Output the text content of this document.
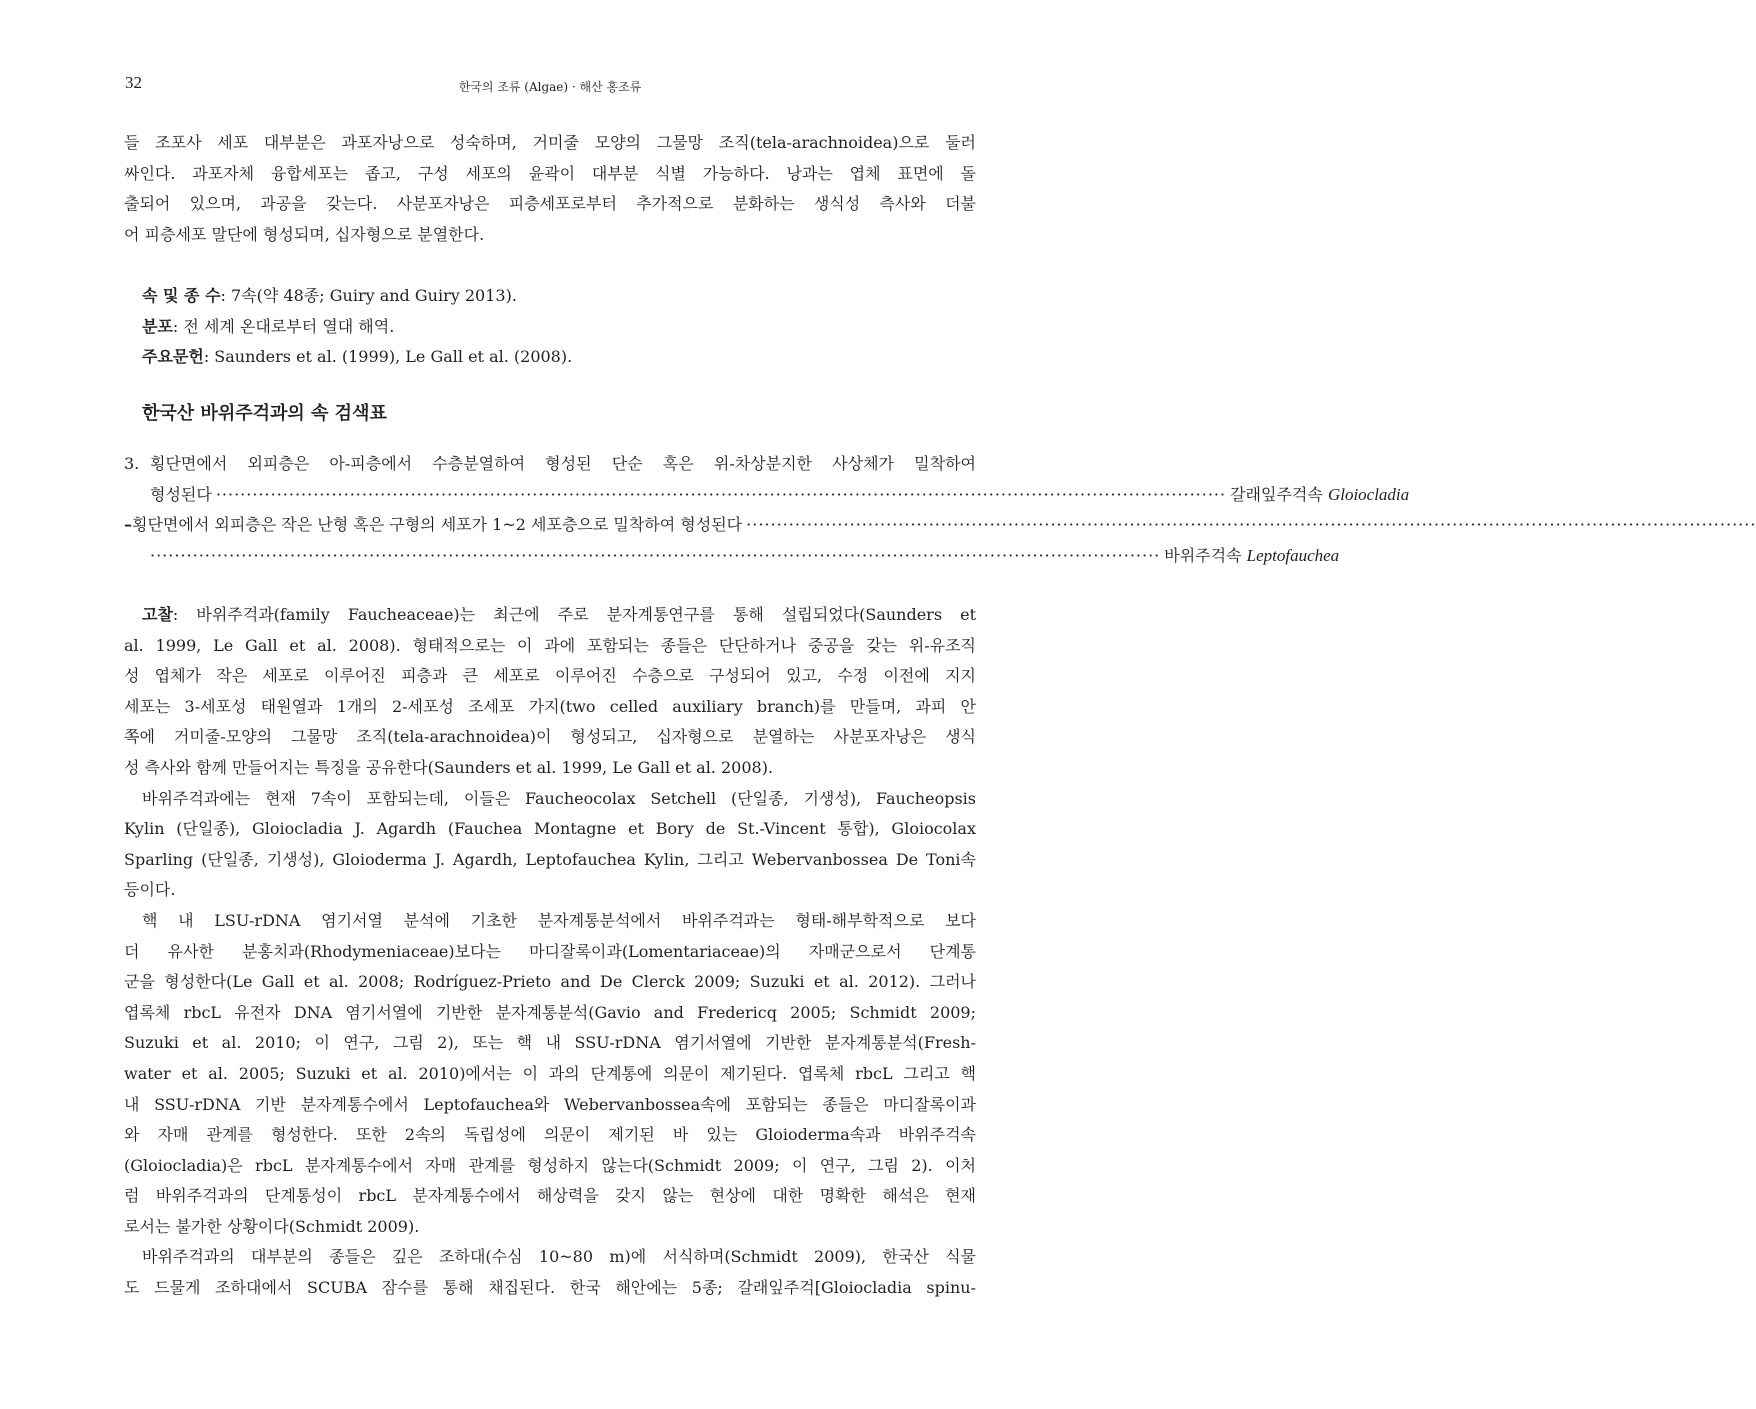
32	한국의 조류 (Algae) · 해산 홍조류
들 조포사 세포 대부분은 과포자낭으로 성숙하며, 거미줄 모양의 그물망 조직(tela-arachnoidea)으로 둘러
싸인다. 과포자체 융합세포는 좁고, 구성 세포의 윤곽이 대부분 식별 가능하다. 낭과는 엽체 표면에 돌
출되어 있으며, 과공을 갖는다. 사분포자낭은 피층세포로부터 추가적으로 분화하는 생식성 측사와 더불
어 피층세포 말단에 형성되며, 십자형으로 분열한다.
속 및 종 수: 7속(약 48종; Guiry and Guiry 2013).
분포: 전 세계 온대로부터 열대 해역.
주요문헌: Saunders et al. (1999), Le Gall et al. (2008).
한국산 바위주걱과의 속 검색표
3. 횡단면에서 외피층은 아-피층에서 수층분열하여 형성된 단순 혹은 위-차상분지한 사상체가 밀착하여
형성된다 ······································································································································································ 갈래잎주걱속
Gloiocladia
– 횡단면에서 외피층은 작은 난형 혹은 구형의 세포가 1~2 세포층으로 밀착하여 형성된다 ······································································································································································
······································································································································································ 바위주걱속
Leptofauchea
고찰: 바위주걱과(family Faucheaceae)는 최근에 주로 분자계통연구를 통해 설립되었다(Saunders et
al. 1999, Le Gall et al. 2008). 형태적으로는 이 과에 포함되는 종들은 단단하거나 중공을 갖는 위-유조직
성 엽체가 작은 세포로 이루어진 피층과 큰 세포로 이루어진 수층으로 구성되어 있고, 수정 이전에 지지
세포는 3-세포성 태원열과 1개의 2-세포성 조세포 가지(two celled auxiliary branch)를 만들며, 과피 안
쪽에 거미줄-모양의 그물망 조직(tela-arachnoidea)이 형성되고, 십자형으로 분열하는 사분포자낭은 생식
성 측사와 함께 만들어지는 특징을 공유한다(Saunders et al. 1999, Le Gall et al. 2008).
바위주걱과에는 현재 7속이 포함되는데, 이들은 Faucheocolax Setchell (단일종, 기생성), Faucheopsis
Kylin (단일종), Gloiocladia J. Agardh (Fauchea Montagne et Bory de St.-Vincent 통합), Gloiocolax
Sparling (단일종, 기생성), Gloioderma J. Agardh, Leptofauchea Kylin, 그리고 Webervanbossea De Toni속
등이다.
핵 내 LSU-rDNA 염기서열 분석에 기초한 분자계통분석에서 바위주걱과는 형태-해부학적으로 보다
더 유사한 분홍치과(Rhodymeniaceae)보다는 마디잘록이과(Lomentariaceae)의 자매군으로서 단계통
군을 형성한다(Le Gall et al. 2008; Rodríguez-Prieto and De Clerck 2009; Suzuki et al. 2012). 그러나
엽록체 rbcL 유전자 DNA 염기서열에 기반한 분자계통분석(Gavio and Fredericq 2005; Schmidt 2009;
Suzuki et al. 2010; 이 연구, 그림 2), 또는 핵 내 SSU-rDNA 염기서열에 기반한 분자계통분석(Fresh-
water et al. 2005; Suzuki et al. 2010)에서는 이 과의 단계통에 의문이 제기된다. 엽록체 rbcL 그리고 핵
내 SSU-rDNA 기반 분자계통수에서 Leptofauchea와 Webervanbossea속에 포함되는 종들은 마디잘록이과
와 자매 관계를 형성한다. 또한 2속의 독립성에 의문이 제기된 바 있는 Gloioderma속과 바위주걱속
(Gloiocladia)은 rbcL 분자계통수에서 자매 관계를 형성하지 않는다(Schmidt 2009; 이 연구, 그림 2). 이처
럼 바위주걱과의 단계통성이 rbcL 분자계통수에서 해상력을 갖지 않는 현상에 대한 명확한 해석은 현재
로서는 불가한 상황이다(Schmidt 2009).
바위주걱과의 대부분의 종들은 깊은 조하대(수심 10~80 m)에 서식하며(Schmidt 2009), 한국산 식물
도 드물게 조하대에서 SCUBA 잠수를 통해 채집된다. 한국 해안에는 5종; 갈래잎주걱[Gloiocladia spinu-
